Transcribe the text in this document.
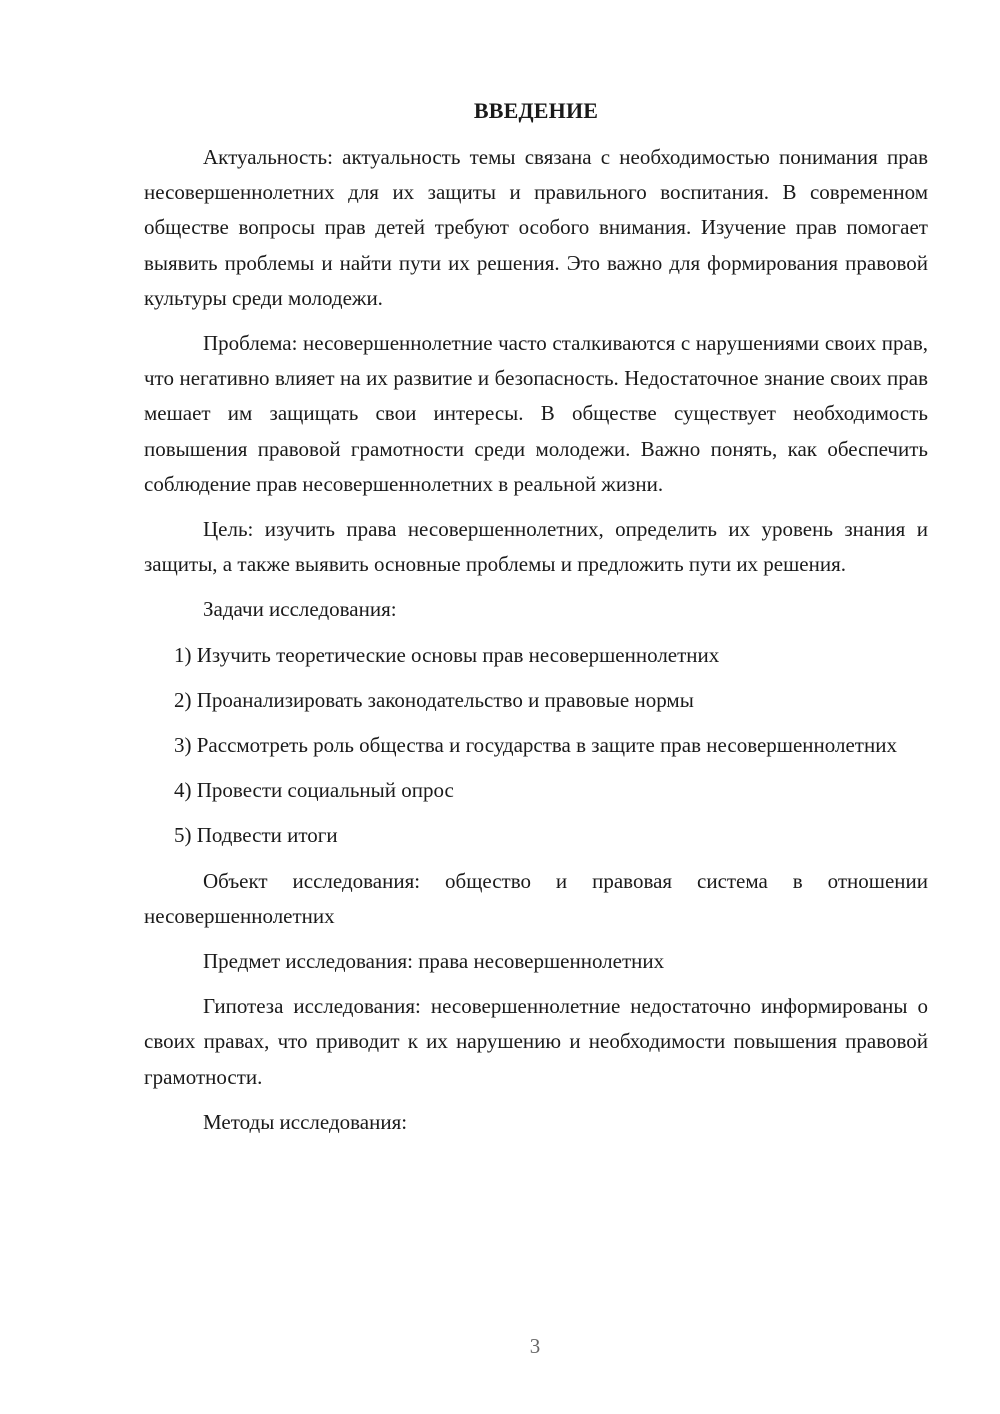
ВВЕДЕНИЕ

Актуальность: актуальность темы связана с необходимостью понимания прав несовершеннолетних для их защиты и правильного воспитания. В современном обществе вопросы прав детей требуют особого внимания. Изучение прав помогает выявить проблемы и найти пути их решения. Это важно для формирования правовой культуры среди молодежи.

Проблема: несовершеннолетние часто сталкиваются с нарушениями своих прав, что негативно влияет на их развитие и безопасность. Недостаточное знание своих прав мешает им защищать свои интересы. В обществе существует необходимость повышения правовой грамотности среди молодежи. Важно понять, как обеспечить соблюдение прав несовершеннолетних в реальной жизни.

Цель: изучить права несовершеннолетних, определить их уровень знания и защиты, а также выявить основные проблемы и предложить пути их решения.

Задачи исследования:

1) Изучить теоретические основы прав несовершеннолетних

2) Проанализировать законодательство и правовые нормы

3) Рассмотреть роль общества и государства в защите прав несовершеннолетних

4) Провести социальный опрос

5) Подвести итоги

Объект исследования: общество и правовая система в отношении несовершеннолетних

Предмет исследования: права несовершеннолетних

Гипотеза исследования: несовершеннолетние недостаточно информированы о своих правах, что приводит к их нарушению и необходимости повышения правовой грамотности.

Методы исследования:

3
